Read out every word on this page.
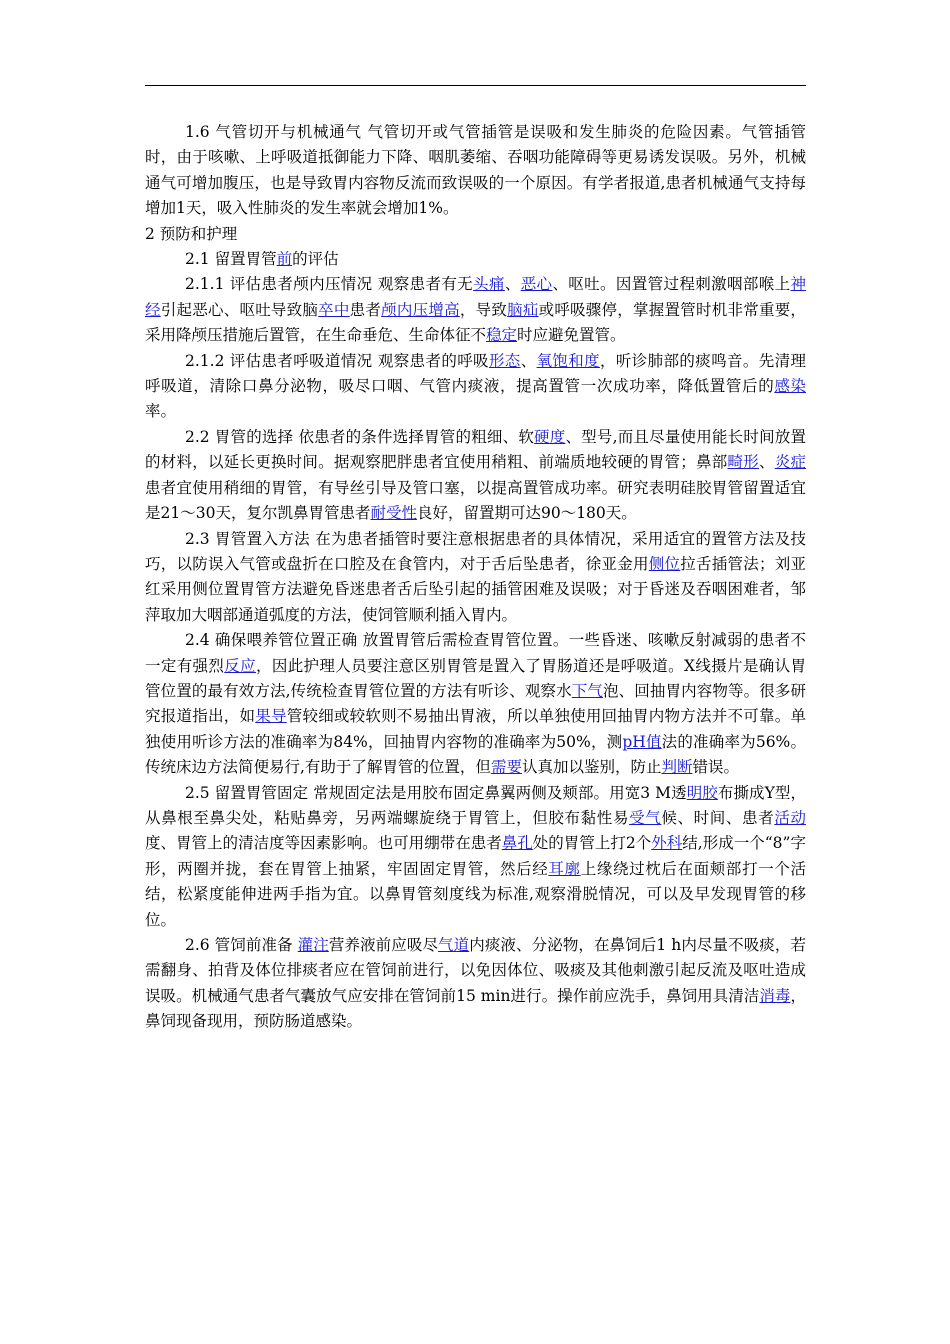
1.6 气管切开与机械通气 气管切开或气管插管是误吸和发生肺炎的危险因素。气管插管时，由于咳嗽、上呼吸道抵御能力下降、咽肌萎缩、吞咽功能障碍等更易诱发误吸。另外，机械通气可增加腹压，也是导致胃内容物反流而致误吸的一个原因。有学者报道,患者机械通气支持每增加1天，吸入性肺炎的发生率就会增加1%。

2 预防和护理

2.1 留置胃管前的评估

2.1.1 评估患者颅内压情况 观察患者有无头痛、恶心、呕吐。因置管过程刺激咽部喉上神经引起恶心、呕吐导致脑卒中患者颅内压增高，导致脑疝或呼吸骤停，掌握置管时机非常重要，采用降颅压措施后置管，在生命垂危、生命体征不稳定时应避免置管。

2.1.2 评估患者呼吸道情况 观察患者的呼吸形态、氧饱和度，听诊肺部的痰鸣音。先清理呼吸道，清除口鼻分泌物，吸尽口咽、气管内痰液，提高置管一次成功率，降低置管后的感染率。

2.2 胃管的选择 依患者的条件选择胃管的粗细、软硬度、型号,而且尽量使用能长时间放置的材料，以延长更换时间。据观察肥胖患者宜使用稍粗、前端质地较硬的胃管；鼻部畸形、炎症患者宜使用稍细的胃管，有导丝引导及管口塞，以提高置管成功率。研究表明硅胶胃管留置适宜是21～30天，复尔凯鼻胃管患者耐受性良好，留置期可达90～180天。

2.3 胃管置入方法 在为患者插管时要注意根据患者的具体情况，采用适宜的置管方法及技巧，以防误入气管或盘折在口腔及在食管内，对于舌后坠患者，徐亚金用侧位拉舌插管法；刘亚红采用侧位置胃管方法避免昏迷患者舌后坠引起的插管困难及误吸；对于昏迷及吞咽困难者，邹萍取加大咽部通道弧度的方法，使饲管顺利插入胃内。

2.4 确保喂养管位置正确 放置胃管后需检查胃管位置。一些昏迷、咳嗽反射减弱的患者不一定有强烈反应，因此护理人员要注意区别胃管是置入了胃肠道还是呼吸道。X线摄片是确认胃管位置的最有效方法,传统检查胃管位置的方法有听诊、观察水下气泡、回抽胃内容物等。很多研究报道指出，如果导管较细或较软则不易抽出胃液，所以单独使用回抽胃内物方法并不可靠。单独使用听诊方法的准确率为84%，回抽胃内容物的准确率为50%，测pH值法的准确率为56%。传统床边方法简便易行,有助于了解胃管的位置，但需要认真加以鉴别，防止判断错误。

2.5 留置胃管固定 常规固定法是用胶布固定鼻翼两侧及颊部。用宽3 M透明胶布撕成Y型，从鼻根至鼻尖处，粘贴鼻旁，另两端螺旋绕于胃管上，但胶布黏性易受气候、时间、患者活动度、胃管上的清洁度等因素影响。也可用绷带在患者鼻孔处的胃管上打2个外科结,形成一个“8”字形，两圈并拢，套在胃管上抽紧，牢固固定胃管，然后经耳廓上缘绕过枕后在面颊部打一个活结，松紧度能伸进两手指为宜。以鼻胃管刻度线为标准,观察滑脱情况，可以及早发现胃管的移位。

2.6 管饲前准备 灌注营养液前应吸尽气道内痰液、分泌物，在鼻饲后1 h内尽量不吸痰，若需翻身、拍背及体位排痰者应在管饲前进行，以免因体位、吸痰及其他刺激引起反流及呕吐造成误吸。机械通气患者气囊放气应安排在管饲前15 min进行。操作前应洗手，鼻饲用具清洁消毒，鼻饲现备现用，预防肠道感染。
